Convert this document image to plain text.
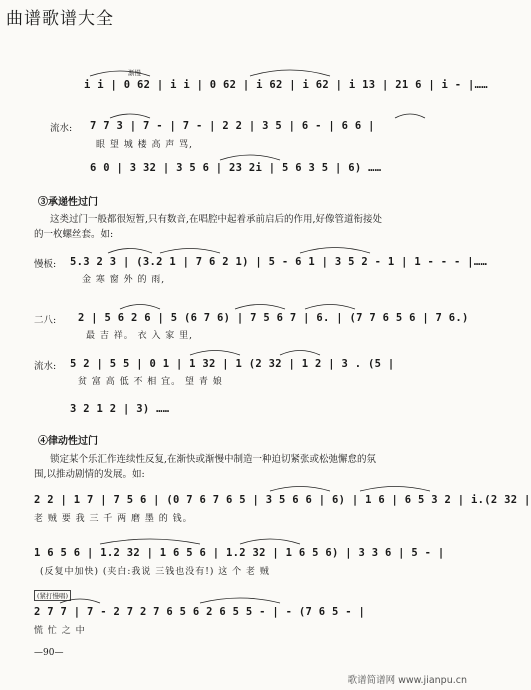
曲谱歌谱大全
渐慢
i i | 0 62 | i i | 0 62 | i 62 | i 62 | i 13 | 21 6 | i - |……
流水: 7 7 3 | 7 - | 7 - | 2 2 | 3 5 | 6 - | 6 6 |
眼 望 城 楼 高 声 骂,
6 0 | 3 32 | 3 5 6 | 23 2i | 5 6 3 5 | 6) ……
③承递性过门
这类过门一般都很短暂,只有数音,在唱腔中起着承前启后的作用,好像管道衔接处
的一枚螺丝套。如:
慢板: 5.3 2 3 | (3.2 1 | 7 6 2 1) | 5 - 6 1 | 3 5 2 - 1 | 1 - - - |……
金 寒 窗 外 的 雨,
二八: 2 | 5 6 2 6 | 5 (6 7 6) | 7 5 6 7 | 6. | (7 7 6 5 6 | 7 6.)
最 吉 祥。 衣 入 家 里,
流水: 5 2 | 5 5 | 0 1 | 1 32 | 1 (2 32 | 1 2 | 3 . (5 |
贫 富 高 低 不 相 宜。 望 青 娘
3 2 1 2 | 3) ……
④律动性过门
锁定某个乐汇作连续性反复,在渐快或渐慢中制造一种迫切紧张或松弛懈怠的氛
围,以推动剧情的发展。如:
2 2 | 1 7 | 7 5 6 | (0 7 6 7 6 5 | 3 5 6 6 | 6) | 1 6 | 6 5 3 2 | i.(2 32 |
老 贼 要 我 三 千 两 磨 墨 的 钱。
1 6 5 6 | 1.2 32 | 1 6 5 6 | 1.2 32 | 1 6 5 6) | 3 3 6 | 5 - |
(反复中加快) (夹白:我说 三钱也没有!) 这 个 老 贼
(紧打慢唱)
2 7 7 | 7 - 2 7 2 7 6 5 6 2 6 5 5 - | - (7 6 5 - |
慌 忙 之 中
—90—
歌谱简谱网 www.jianpu.cn
